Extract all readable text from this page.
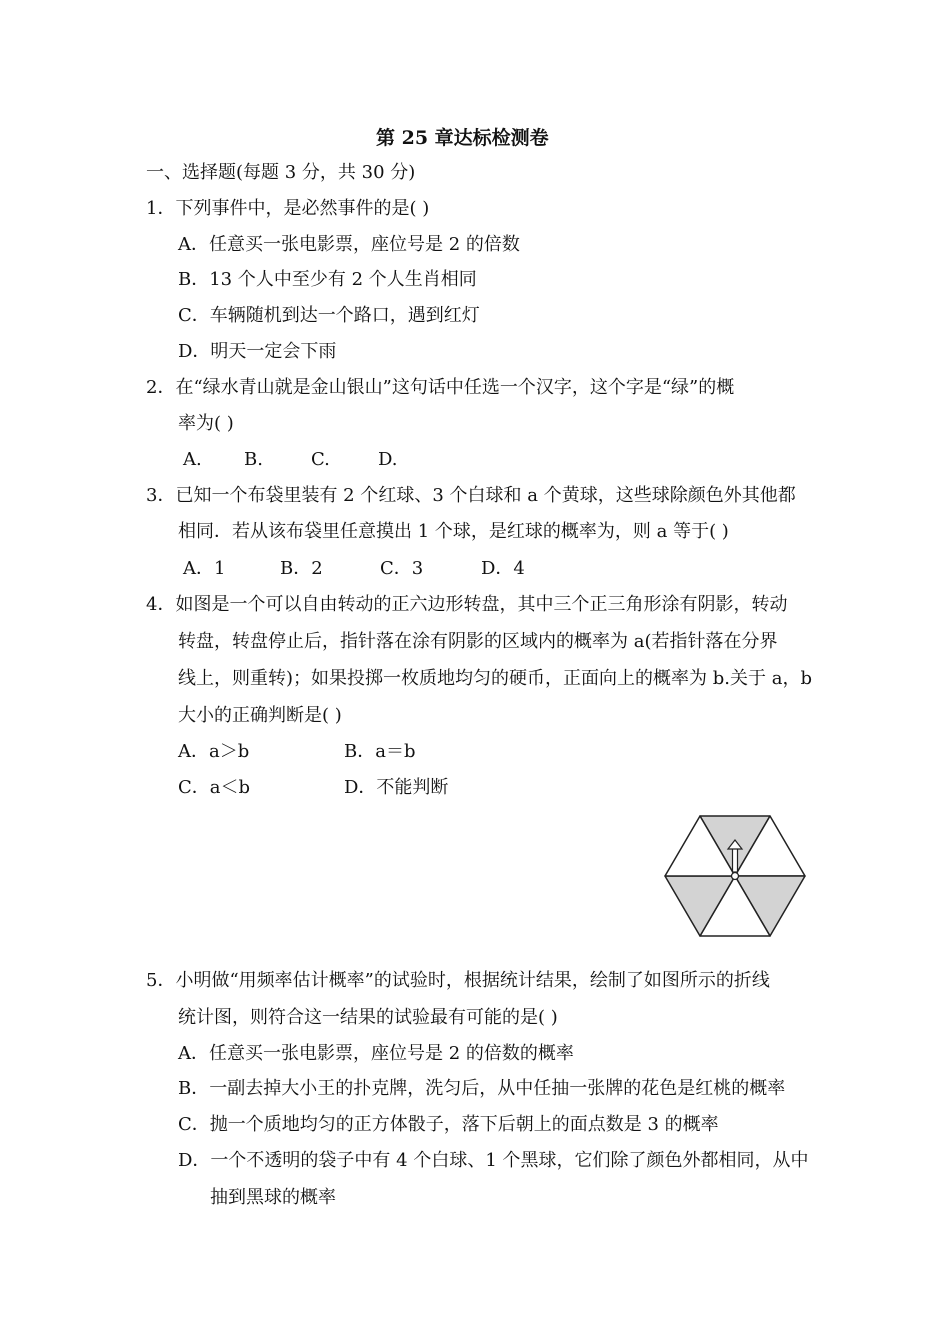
第 25 章达标检测卷
一、选择题(每题 3 分，共 30 分)
1．下列事件中，是必然事件的是( )
A．任意买一张电影票，座位号是 2 的倍数
B．13 个人中至少有 2 个人生肖相同
C．车辆随机到达一个路口，遇到红灯
D．明天一定会下雨
2．在“绿水青山就是金山银山”这句话中任选一个汉字，这个字是“绿”的概
率为( )
A.	B.	C.	D.
3．已知一个布袋里装有 2 个红球、3 个白球和 a 个黄球，这些球除颜色外其他都
相同．若从该布袋里任意摸出 1 个球，是红球的概率为，则 a 等于( )
A．1	B．2	C．3	D．4
4．如图是一个可以自由转动的正六边形转盘，其中三个正三角形涂有阴影，转动
转盘，转盘停止后，指针落在涂有阴影的区域内的概率为 a(若指针落在分界
线上，则重转)；如果投掷一枚质地均匀的硬币，正面向上的概率为 b.关于 a，b
大小的正确判断是( )
A．a＞b	B．a＝b
C．a＜b	D．不能判断
5．小明做“用频率估计概率”的试验时，根据统计结果，绘制了如图所示的折线
统计图，则符合这一结果的试验最有可能的是( )
A．任意买一张电影票，座位号是 2 的倍数的概率
B．一副去掉大小王的扑克牌，洗匀后，从中任抽一张牌的花色是红桃的概率
C．抛一个质地均匀的正方体骰子，落下后朝上的面点数是 3 的概率
D．一个不透明的袋子中有 4 个白球、1 个黑球，它们除了颜色外都相同，从中
抽到黑球的概率
